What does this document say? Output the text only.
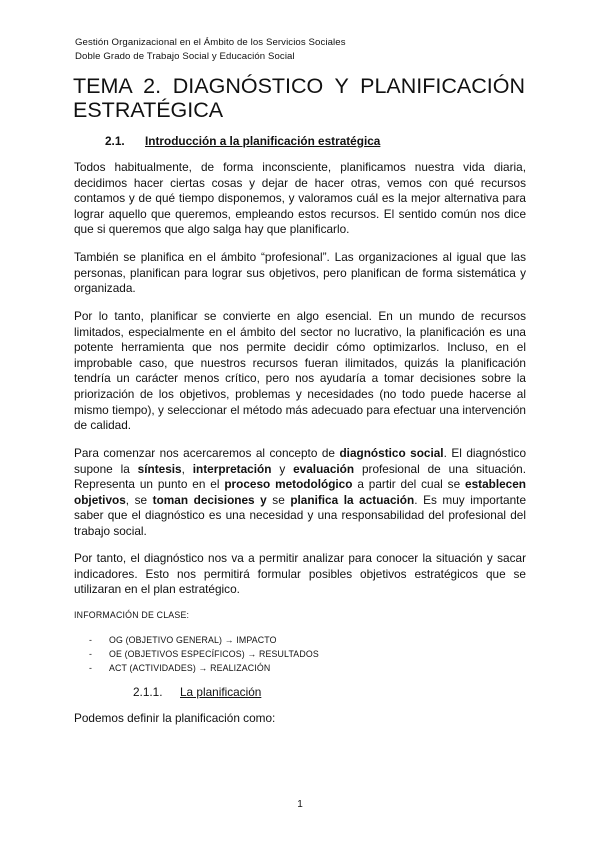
Gestión Organizacional en el Ámbito de los Servicios Sociales
Doble Grado de Trabajo Social y Educación Social
TEMA 2. DIAGNÓSTICO Y PLANIFICACIÓN
ESTRATÉGICA
2.1. Introducción a la planificación estratégica

Todos habitualmente, de forma inconsciente, planificamos nuestra vida diaria, decidimos hacer ciertas cosas y dejar de hacer otras, vemos con qué recursos contamos y de qué tiempo disponemos, y valoramos cuál es la mejor alternativa para lograr aquello que queremos, empleando estos recursos. El sentido común nos dice que si queremos que algo salga hay que planificarlo.

También se planifica en el ámbito “profesional”. Las organizaciones al igual que las personas, planifican para lograr sus objetivos, pero planifican de forma sistemática y organizada.

Por lo tanto, planificar se convierte en algo esencial. En un mundo de recursos limitados, especialmente en el ámbito del sector no lucrativo, la planificación es una potente herramienta que nos permite decidir cómo optimizarlos. Incluso, en el improbable caso, que nuestros recursos fueran ilimitados, quizás la planificación tendría un carácter menos crítico, pero nos ayudaría a tomar decisiones sobre la priorización de los objetivos, problemas y necesidades (no todo puede hacerse al mismo tiempo), y seleccionar el método más adecuado para efectuar una intervención de calidad.

Para comenzar nos acercaremos al concepto de diagnóstico social. El diagnóstico supone la síntesis, interpretación y evaluación profesional de una situación. Representa un punto en el proceso metodológico a partir del cual se establecen objetivos, se toman decisiones y se planifica la actuación. Es muy importante saber que el diagnóstico es una necesidad y una responsabilidad del profesional del trabajo social.

Por tanto, el diagnóstico nos va a permitir analizar para conocer la situación y sacar indicadores. Esto nos permitirá formular posibles objetivos estratégicos que se utilizaran en el plan estratégico.

INFORMACIÓN DE CLASE:
- OG (OBJETIVO GENERAL) → IMPACTO
- OE (OBJETIVOS ESPECÍFICOS) → RESULTADOS
- ACT (ACTIVIDADES) → REALIZACIÓN
2.1.1. La planificación

Podemos definir la planificación como:

1
